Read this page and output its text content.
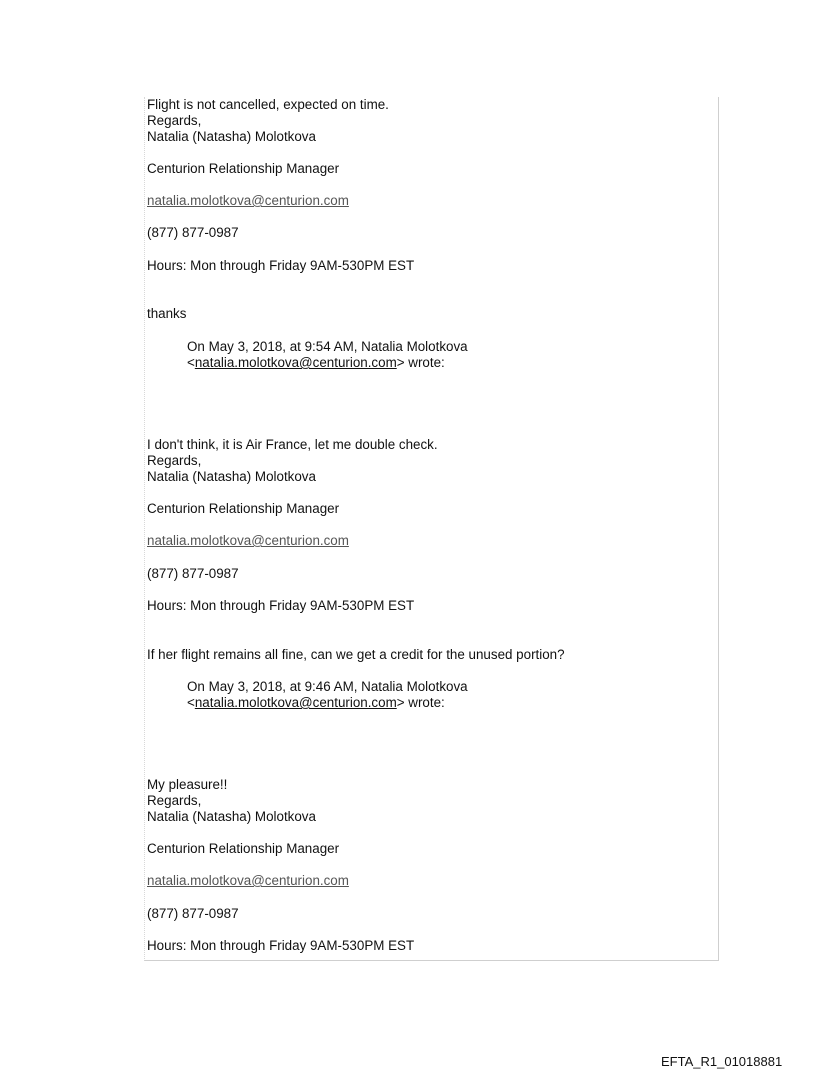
Flight is not cancelled, expected on time.
Regards,
Natalia (Natasha) Molotkova
Centurion Relationship Manager
natalia.molotkova@centurion.com
(877) 877-0987
Hours: Mon through Friday 9AM-530PM EST
thanks
On May 3, 2018, at 9:54 AM, Natalia Molotkova
<natalia.molotkova@centurion.com> wrote:
I don't think, it is Air France, let me double check.
Regards,
Natalia (Natasha) Molotkova
Centurion Relationship Manager
natalia.molotkova@centurion.com
(877) 877-0987
Hours: Mon through Friday 9AM-530PM EST
If her flight remains all fine, can we get a credit for the unused portion?
On May 3, 2018, at 9:46 AM, Natalia Molotkova
<natalia.molotkova@centurion.com> wrote:
My pleasure!!
Regards,
Natalia (Natasha) Molotkova
Centurion Relationship Manager
natalia.molotkova@centurion.com
(877) 877-0987
Hours: Mon through Friday 9AM-530PM EST
EFTA_R1_01018881
